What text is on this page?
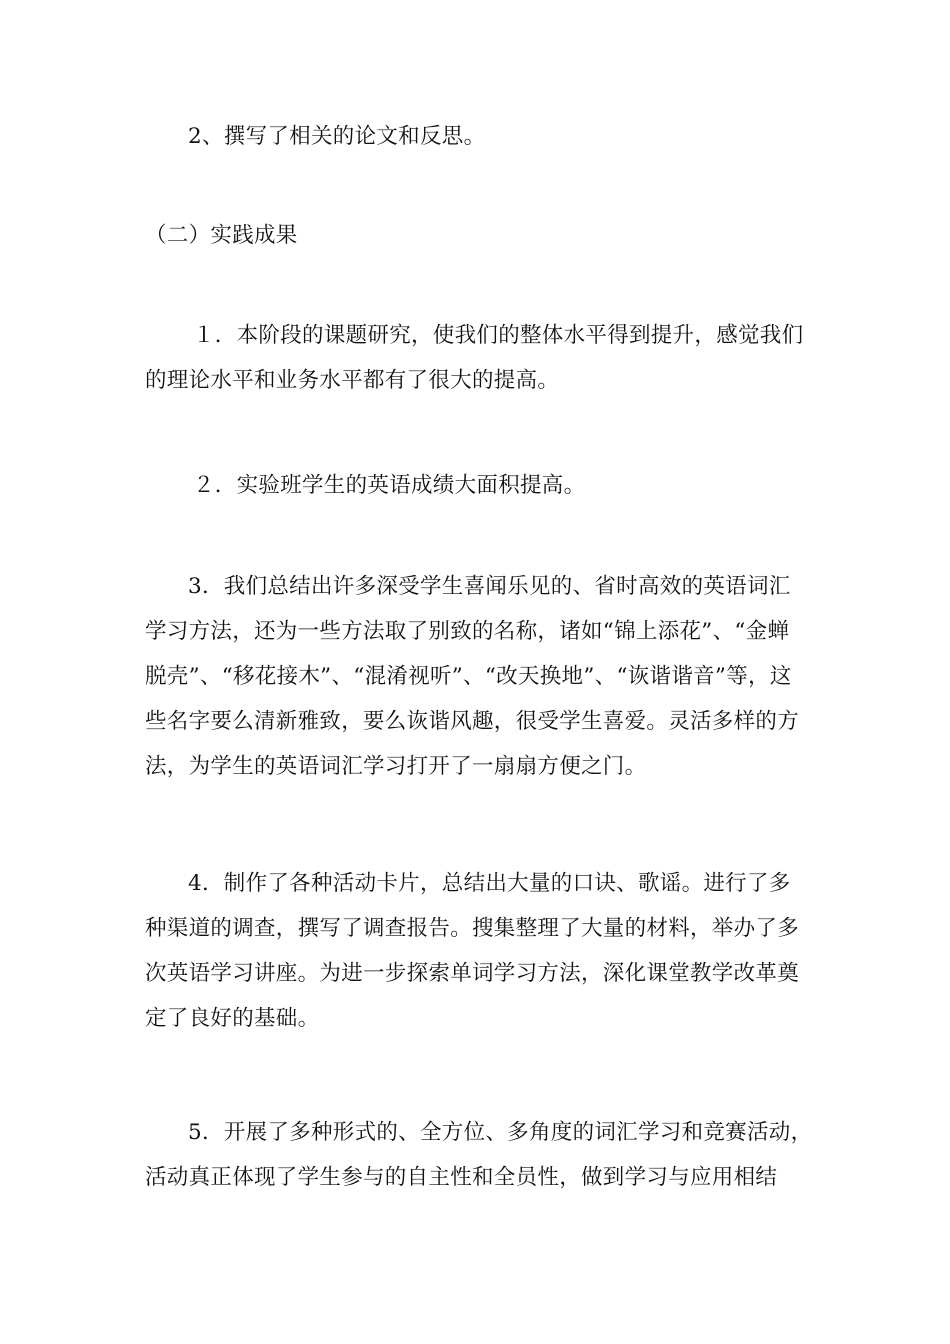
2、撰写了相关的论文和反思。

（二）实践成果

１．本阶段的课题研究，使我们的整体水平得到提升，感觉我们
的理论水平和业务水平都有了很大的提高。

２．实验班学生的英语成绩大面积提高。

3．我们总结出许多深受学生喜闻乐见的、省时高效的英语词汇
学习方法，还为一些方法取了别致的名称，诸如“锦上添花”、“金蝉
脱壳”、“移花接木”、“混淆视听”、“改天换地”、“诙谐谐音”等，这
些名字要么清新雅致，要么诙谐风趣，很受学生喜爱。灵活多样的方
法，为学生的英语词汇学习打开了一扇扇方便之门。

4．制作了各种活动卡片，总结出大量的口诀、歌谣。进行了多
种渠道的调查，撰写了调查报告。搜集整理了大量的材料，举办了多
次英语学习讲座。为进一步探索单词学习方法，深化课堂教学改革奠
定了良好的基础。

5．开展了多种形式的、全方位、多角度的词汇学习和竞赛活动，
活动真正体现了学生参与的自主性和全员性，做到学习与应用相结
